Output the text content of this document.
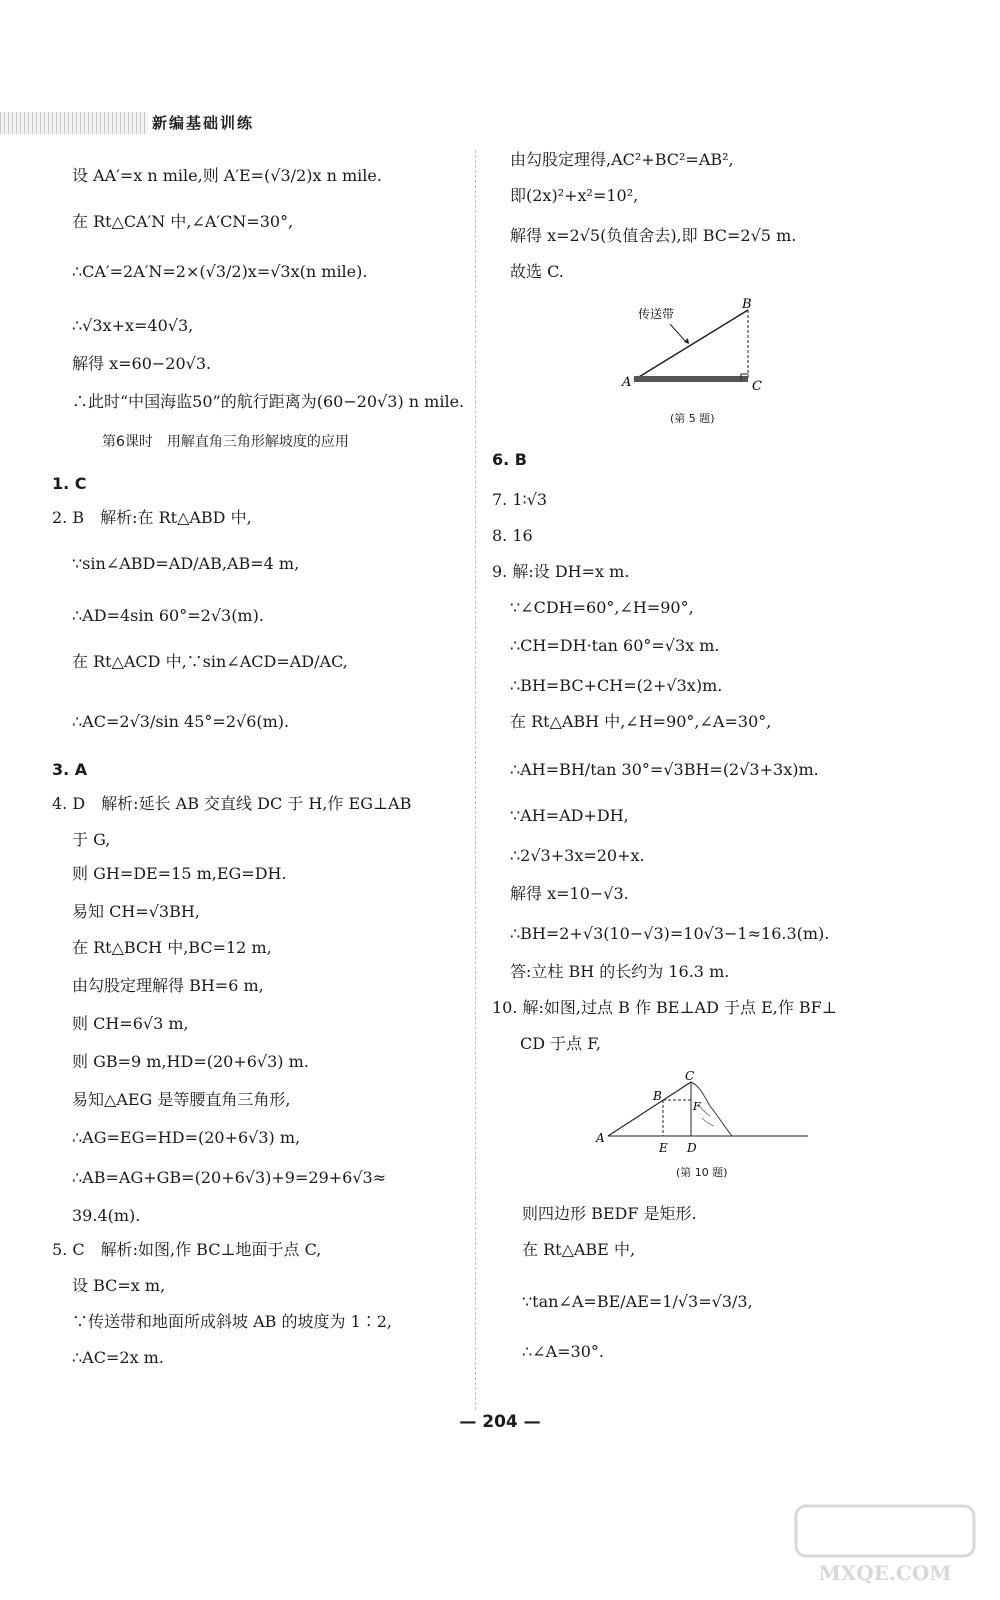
新编基础训练
设 AA′=x n mile,则 A′E=(√3/2)x n mile.
在 Rt△CA′N 中,∠A′CN=30°,
∴CA′=2A′N=2×(√3/2)x=√3x(n mile).
∴√3x+x=40√3,
解得 x=60−20√3.
∴此时“中国海监50”的航行距离为(60−20√3) n mile.
第6课时　用解直角三角形解坡度的应用
1. C
2. B　解析:在 Rt△ABD 中,
∵sin∠ABD=AD/AB,AB=4 m,
∴AD=4sin 60°=2√3(m).
在 Rt△ACD 中,∵sin∠ACD=AD/AC,
∴AC=2√3/sin 45°=2√6(m).
3. A
4. D　解析:延长 AB 交直线 DC 于 H,作 EG⊥AB
于 G,
则 GH=DE=15 m,EG=DH.
易知 CH=√3BH,
在 Rt△BCH 中,BC=12 m,
由勾股定理解得 BH=6 m,
则 CH=6√3 m,
则 GB=9 m,HD=(20+6√3) m.
易知△AEG 是等腰直角三角形,
∴AG=EG=HD=(20+6√3) m,
∴AB=AG+GB=(20+6√3)+9=29+6√3≈
39.4(m).
5. C　解析:如图,作 BC⊥地面于点 C,
设 BC=x m,
∵传送带和地面所成斜坡 AB 的坡度为 1∶2,
∴AC=2x m.
由勾股定理得,AC²+BC²=AB²,
即(2x)²+x²=10²,
解得 x=2√5(负值舍去),即 BC=2√5 m.
故选 C.
传送带
B
A	C
(第 5 题)
6. B
7. 1∶√3
8. 16
9. 解:设 DH=x m.
∵∠CDH=60°,∠H=90°,
∴CH=DH·tan 60°=√3x m.
∴BH=BC+CH=(2+√3x)m.
在 Rt△ABH 中,∠H=90°,∠A=30°,
∴AH=BH/tan 30°=√3BH=(2√3+3x)m.
∵AH=AD+DH,
∴2√3+3x=20+x.
解得 x=10−√3.
∴BH=2+√3(10−√3)=10√3−1≈16.3(m).
答:立柱 BH 的长约为 16.3 m.
10. 解:如图,过点 B 作 BE⊥AD 于点 E,作 BF⊥
CD 于点 F,
A
B
C
F
E D
(第 10 题)
则四边形 BEDF 是矩形.
在 Rt△ABE 中,
∵tan∠A=BE/AE=1/√3=√3/3,
∴∠A=30°.
— 204 —
MXQE.COM
